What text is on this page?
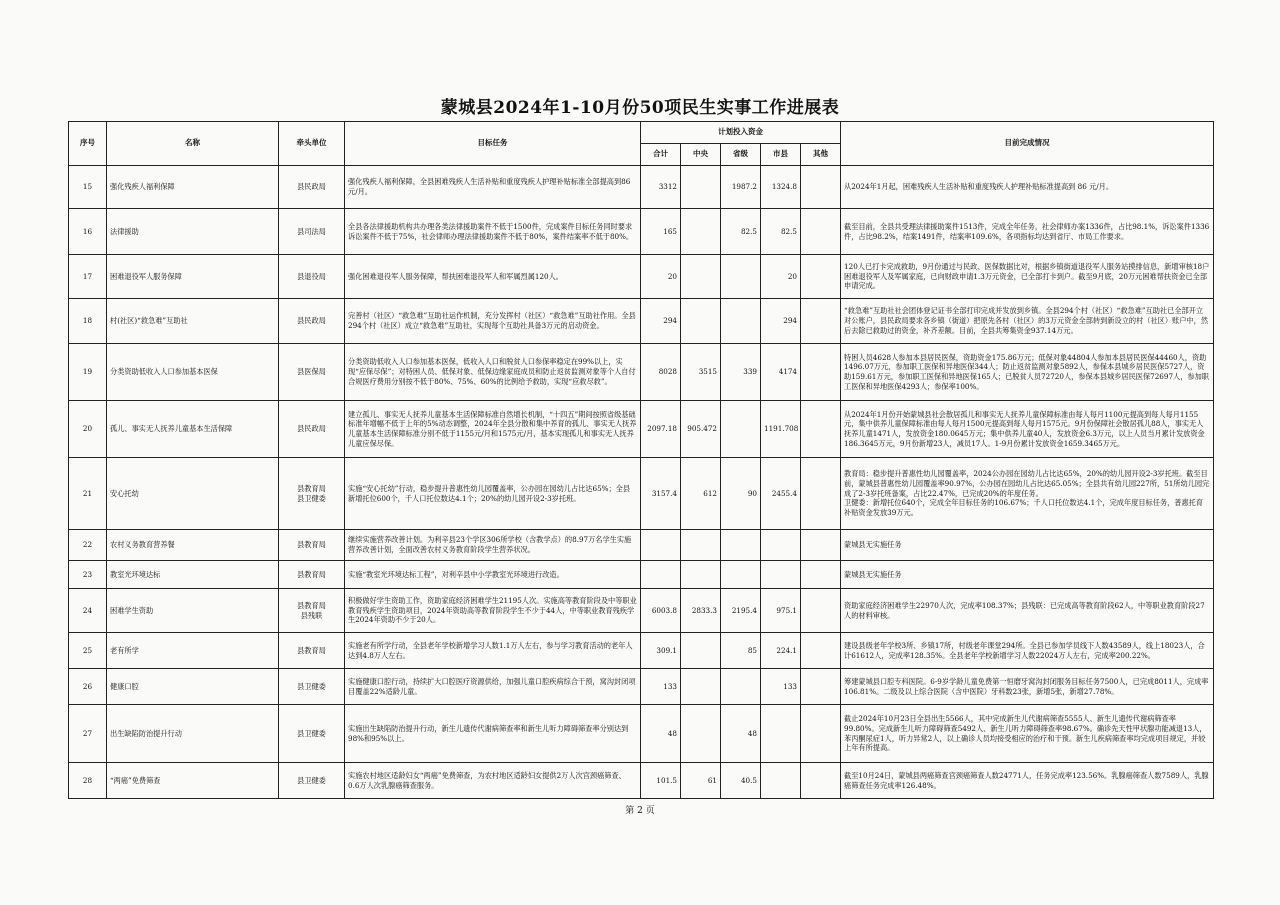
蒙城县2024年1-10月份50项民生实事工作进展表
序号	名称	牵头单位	目标任务	计划投入资金					目前完成情况
				合计	中央	省级	市县	其他	
15	强化残疾人福利保障	县民政局	强化残疾人福利保障，全县困难残疾人生活补贴和重度残疾人护理补贴标准全部提高到86元/月。	3312		1987.2	1324.8		从2024年1月起，困难残疾人生活补贴和重度残疾人护理补贴标准提高到 86 元/月。
16	法律援助	县司法局	全县各法律援助机构共办理各类法律援助案件不低于1500件，完成案件目标任务同时要求诉讼案件不低于75%，社会律师办理法律援助案件不低于80%，案件结案率不低于80%。	165		82.5	82.5		截至目前，全县共受理法律援助案件1513件，完成全年任务，社会律师办案1336件，占比98.1%，诉讼案件1336件，占比98.2%，结案1491件，结案率109.6%，各项指标均达到省厅、市局工作要求。
17	困难退役军人服务保障	县退役局	强化困难退役军人服务保障，帮扶困难退役军人和军属烈属120人。	20			20		120人已打卡完成救助，9月份通过与民政、医保数据比对，根据乡镇街道退役军人服务站摸排信息，新增审核18户困难退役军人及军属家庭，已向财政申请1.3万元资金，已全部打卡到户。截至9月底，20万元困难帮扶资金已全部申请完成。
18	村(社区)“救急难”互助社	县民政局	完善村（社区）“救急难”互助社运作机制，充分发挥村（社区）“救急难”互助社作用。全县294个村（社区）成立“救急难”互助社，实现每个互助社具备3万元的启动资金。	294			294		“救急难”互助社社会团体登记证书全部打印完成并发放到乡镇。全县294个村（社区）“救急难”互助社已全部开立对公账户，县民政局要求各乡镇（街道）把原先各村（社区）的3万元资金全部转到新设立的村（社区）账户中，然后去除已救助过的资金，补齐差额。目前，全县共筹集资金937.14万元。
19	分类资助低收入人口参加基本医保	县医保局	分类资助低收入人口参加基本医保，低收入人口和脱贫人口参保率稳定在99%以上，实现“应保尽保”；对特困人员、低保对象、低保边缘家庭成员和防止返贫监测对象等个人自付合规医疗费用分别按不低于80%、75%、60%的比例给予救助，实现“应救尽救”。	8028	3515	339	4174		特困人员4628人参加本县居民医保，资助资金175.86万元；低保对象44804人参加本县居民医保44460人，资助1496.07万元，参加职工医保和异地医保344人；防止返贫监测对象5892人，参保本县城乡居民医保5727人，资助159.61万元，参加职工医保和异地医保165人；已脱贫人员72720人，参保本县城乡居民医保72697人，参加职工医保和异地医保4293人；参保率100%。
20	孤儿、事实无人抚养儿童基本生活保障	县民政局	建立孤儿、事实无人抚养儿童基本生活保障标准自然增长机制，“十四五”期间按照省级基础标准年增幅不低于上年的5%动态调整，2024年全县分散和集中养育的孤儿、事实无人抚养儿童基本生活保障标准分别不低于1155元/月和1575元/月，基本实现孤儿和事实无人抚养儿童应保尽保。	2097.18	905.472		1191.708		从2024年1月份开始蒙城县社会散居孤儿和事实无人抚养儿童保障标准由每人每月1100元提高到每人每月1155元，集中供养儿童保障标准由每人每月1500元提高到每人每月1575元。9月份保障社会散居孤儿88人，事实无人抚养儿童1471人，发放资金180.0645万元；集中供养儿童40人，发放资金6.3万元，以上人员当月累计发放资金186.3645万元，9月份新增23人，减员17人。1-9月份累计发放资金1659.3465万元。
21	安心托幼	县教育局
县卫健委	实施“安心托幼”行动，稳步提升普惠性幼儿园覆盖率，公办园在园幼儿占比达65%；全县新增托位600个，千人口托位数达4.1个；20%的幼儿园开设2-3岁托班。	3157.4	612	90	2455.4		教育局：稳步提升普惠性幼儿园覆盖率，2024公办园在园幼儿占比达65%，20%的幼儿园开设2-3岁托班。截至目前，蒙城县普惠性幼儿园覆盖率90.97%，公办园在园幼儿占比达65.05%；全县共有幼儿园227所，51所幼儿园完成了2-3岁托班备案，占比22.47%，已完成20%的年度任务。
卫健委：新增托位640个，完成全年目标任务的106.67%；千人口托位数达4.1个，完成年度目标任务，普惠托育补贴资金发放39万元。
22	农村义务教育营养餐	县教育局	继续实施营养改善计划。为利辛县23个学区306所学校（含教学点）的8.97万名学生实施营养改善计划，全面改善农村义务教育阶段学生营养状况。						蒙城县无实施任务
23	教室光环境达标	县教育局	实施“教室光环境达标工程”，对利辛县中小学教室光环境进行改造。						蒙城县无实施任务
24	困难学生资助	县教育局
县残联	积极做好学生资助工作，资助家庭经济困难学生21195人次。实施高等教育阶段及中等职业教育残疾学生资助项目，2024年资助高等教育阶段学生不少于44人，中等职业教育残疾学生2024年资助不少于20人。	6003.8	2833.3	2195.4	975.1		资助家庭经济困难学生22970人次，完成率108.37%；县残联：已完成高等教育阶段62人，中等职业教育阶段27人的材料审核。
25	老有所学	县教育局	实施老有所学行动，全县老年学校新增学习人数1.1万人左右，参与学习教育活动的老年人达到4.8万人左右。	309.1		85	224.1		建设县级老年学校3所、乡镇17所，村级老年课堂294所。全县已参加学员线下人数43589人，线上18023人，合计61612人，完成率128.35%。全县老年学校新增学习人数22024万人左右，完成率200.22%。
26	健康口腔	县卫健委	实施健康口腔行动，持续扩大口腔医疗资源供给，加强儿童口腔疾病综合干预，窝沟封闭项目覆盖22%适龄儿童。	133			133		筹建蒙城县口腔专科医院。6-9岁学龄儿童免费第一恒磨牙窝沟封闭服务目标任务7500人，已完成8011人，完成率106.81%。二级及以上综合医院（含中医院）牙科数23张，新增5张，新增27.78%。
27	出生缺陷防治提升行动	县卫健委	实施出生缺陷防治提升行动，新生儿遗传代谢病筛查率和新生儿听力障碍筛查率分别达到98%和95%以上。	48		48			截止2024年10月23日全县出生5566人，其中完成新生儿代谢病筛查5555人、新生儿遗传代谢病筛查率99.80%。完成新生儿听力障碍筛查5492人、新生儿听力障碍筛查率98.67%。确诊先天性甲状腺功能减退13人，苯丙酮尿症1人，听力异常2人，以上确诊人员均接受相应的治疗和干预。新生儿疾病筛查率均完成项目规定，并较上年有所提高。
28	“两癌”免费筛查	县卫健委	实施农村地区适龄妇女“两癌”免费筛查，为农村地区适龄妇女提供2万人次宫颈癌筛查、0.6万人次乳腺癌筛查服务。	101.5	61	40.5			截至10月24日，蒙城县两癌筛查宫颈癌筛查人数24771人，任务完成率123.56%。乳腺癌筛查人数7589人，乳腺癌筛查任务完成率126.48%。
第 2 页
